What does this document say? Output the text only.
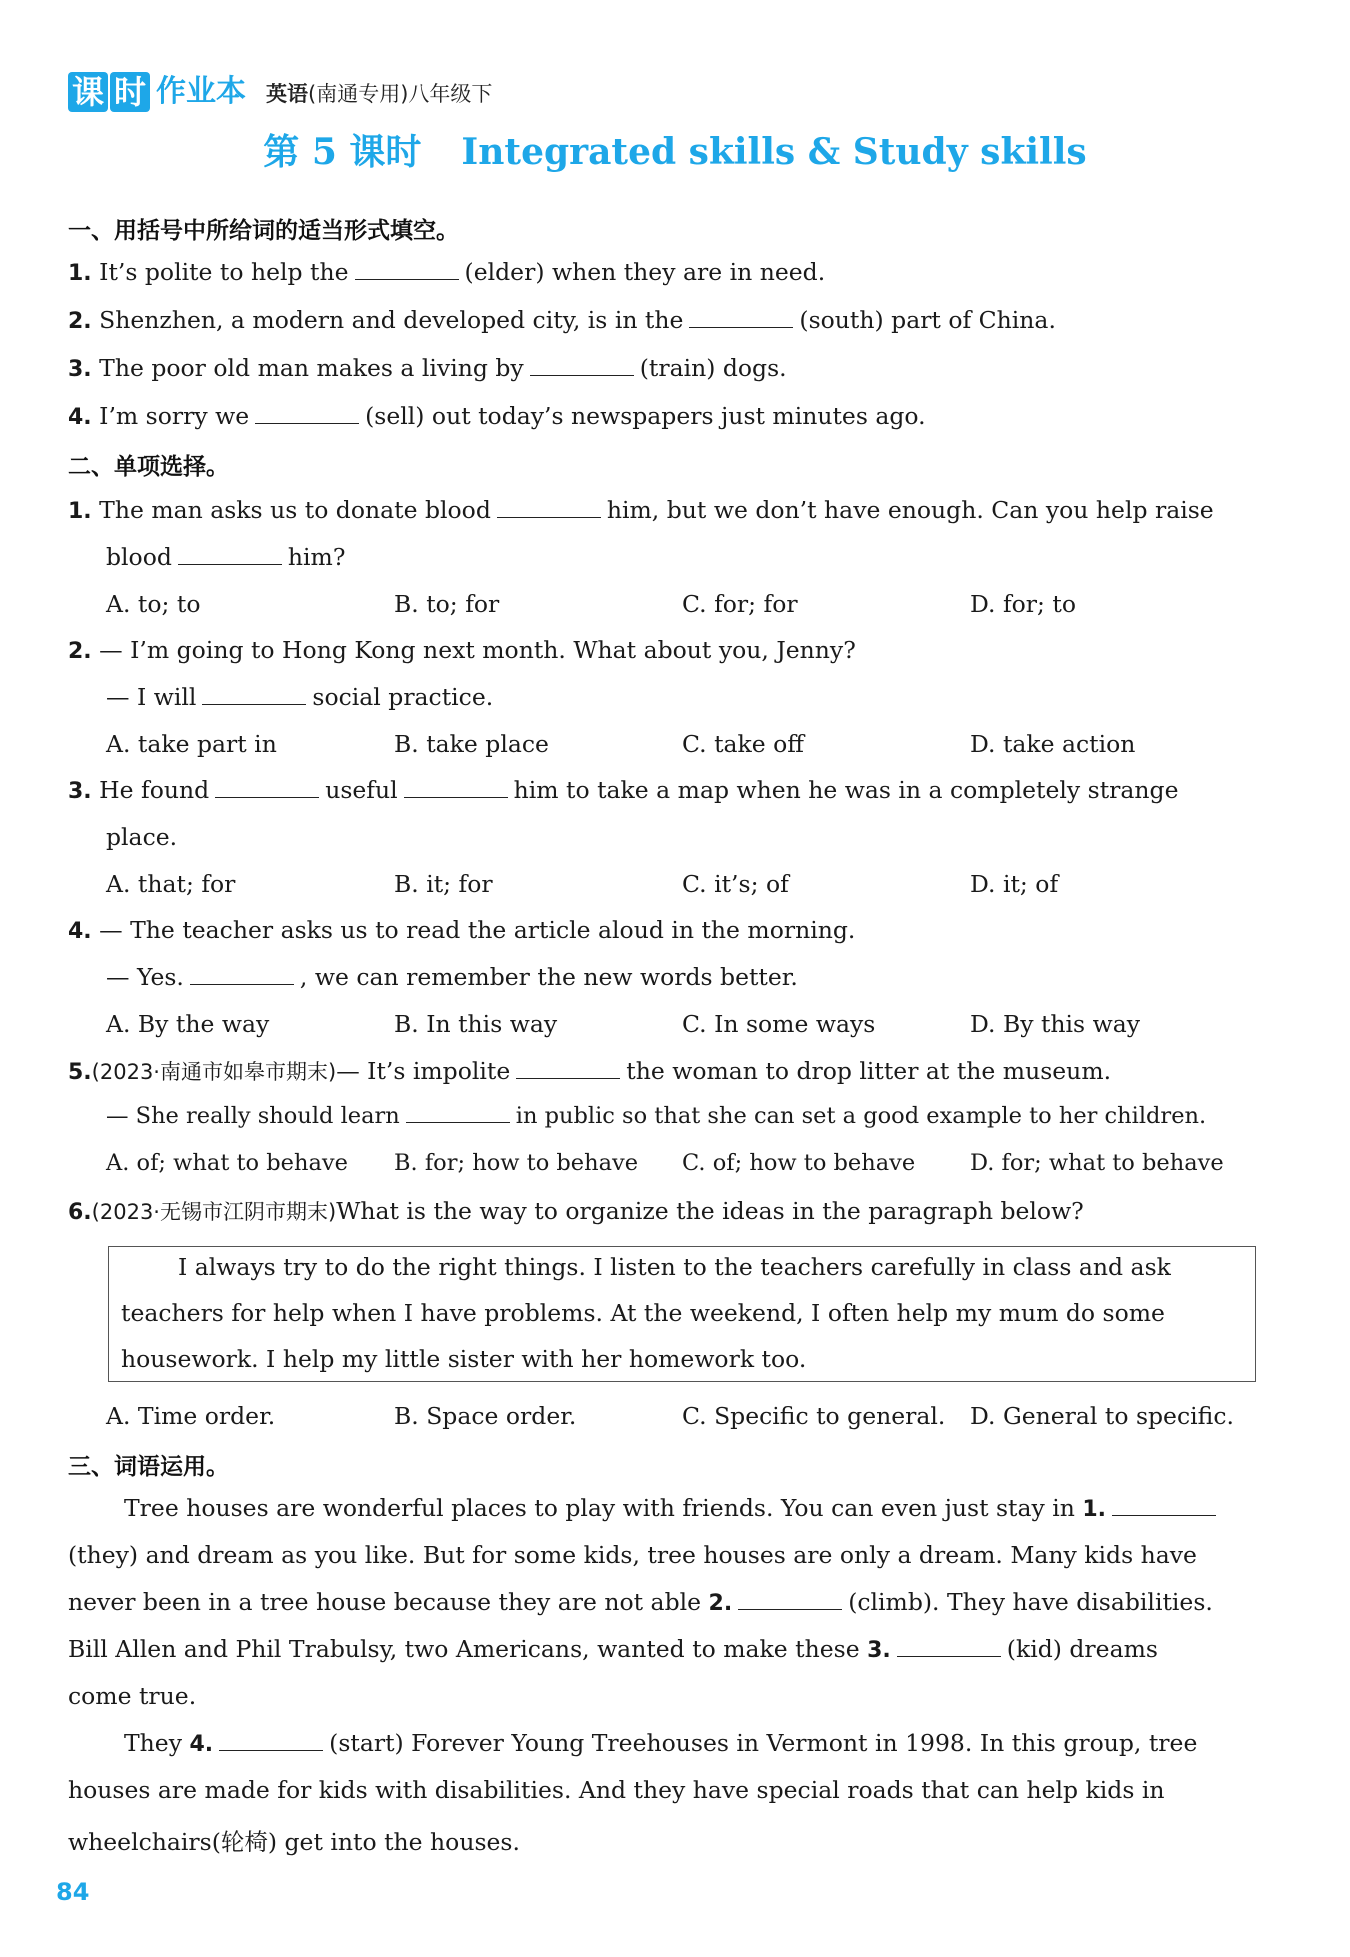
课 时 作业本 英语 (南通专用)八年级下
第 5 课时 Integrated skills & Study skills
一、用括号中所给词的适当形式填空。
1. It’s polite to help the	(elder) when they are in need.
2. Shenzhen, a modern and developed city, is in the	(south) part of China.
3. The poor old man makes a living by	(train) dogs.
4. I’m sorry we	(sell) out today’s newspapers just minutes ago.
二、单项选择。
1. The man asks us to donate blood	him, but we don’t have enough. Can you help raise
blood	him?
A. to; to	B. to; for	C. for; for	D. for; to
2. — I’m going to Hong Kong next month. What about you, Jenny?
— I will	social practice.
A. take part in	B. take place	C. take off	D. take action
3. He found	useful	him to take a map when he was in a completely strange
place.
A. that; for	B. it; for	C. it’s; of	D. it; of
4. — The teacher asks us to read the article aloud in the morning.
— Yes.	, we can remember the new words better.
A. By the way	B. In this way	C. In some ways	D. By this way
5.(2023·南通市如皋市期末)— It’s impolite	the woman to drop litter at the museum.
— She really should learn	in public so that she can set a good example to her children.
A. of; what to behave B. for; how to behave C. of; how to behave D. for; what to behave
6.(2023·无锡市江阴市期末)What is the way to organize the ideas in the paragraph below?
I always try to do the right things. I listen to the teachers carefully in class and ask
teachers for help when I have problems. At the weekend, I often help my mum do some
housework. I help my little sister with her homework too.
A. Time order.	B. Space order.	C. Specific to general. D. General to specific.
三、词语运用。
Tree houses are wonderful places to play with friends. You can even just stay in 1.
(they) and dream as you like. But for some kids, tree houses are only a dream. Many kids have
never been in a tree house because they are not able 2.	(climb). They have disabilities.
Bill Allen and Phil Trabulsy, two Americans, wanted to make these 3.	(kid) dreams
come true.
They 4.	(start) Forever Young Treehouses in Vermont in 1998. In this group, tree
houses are made for kids with disabilities. And they have special roads that can help kids in
wheelchairs(轮椅) get into the houses.
84
